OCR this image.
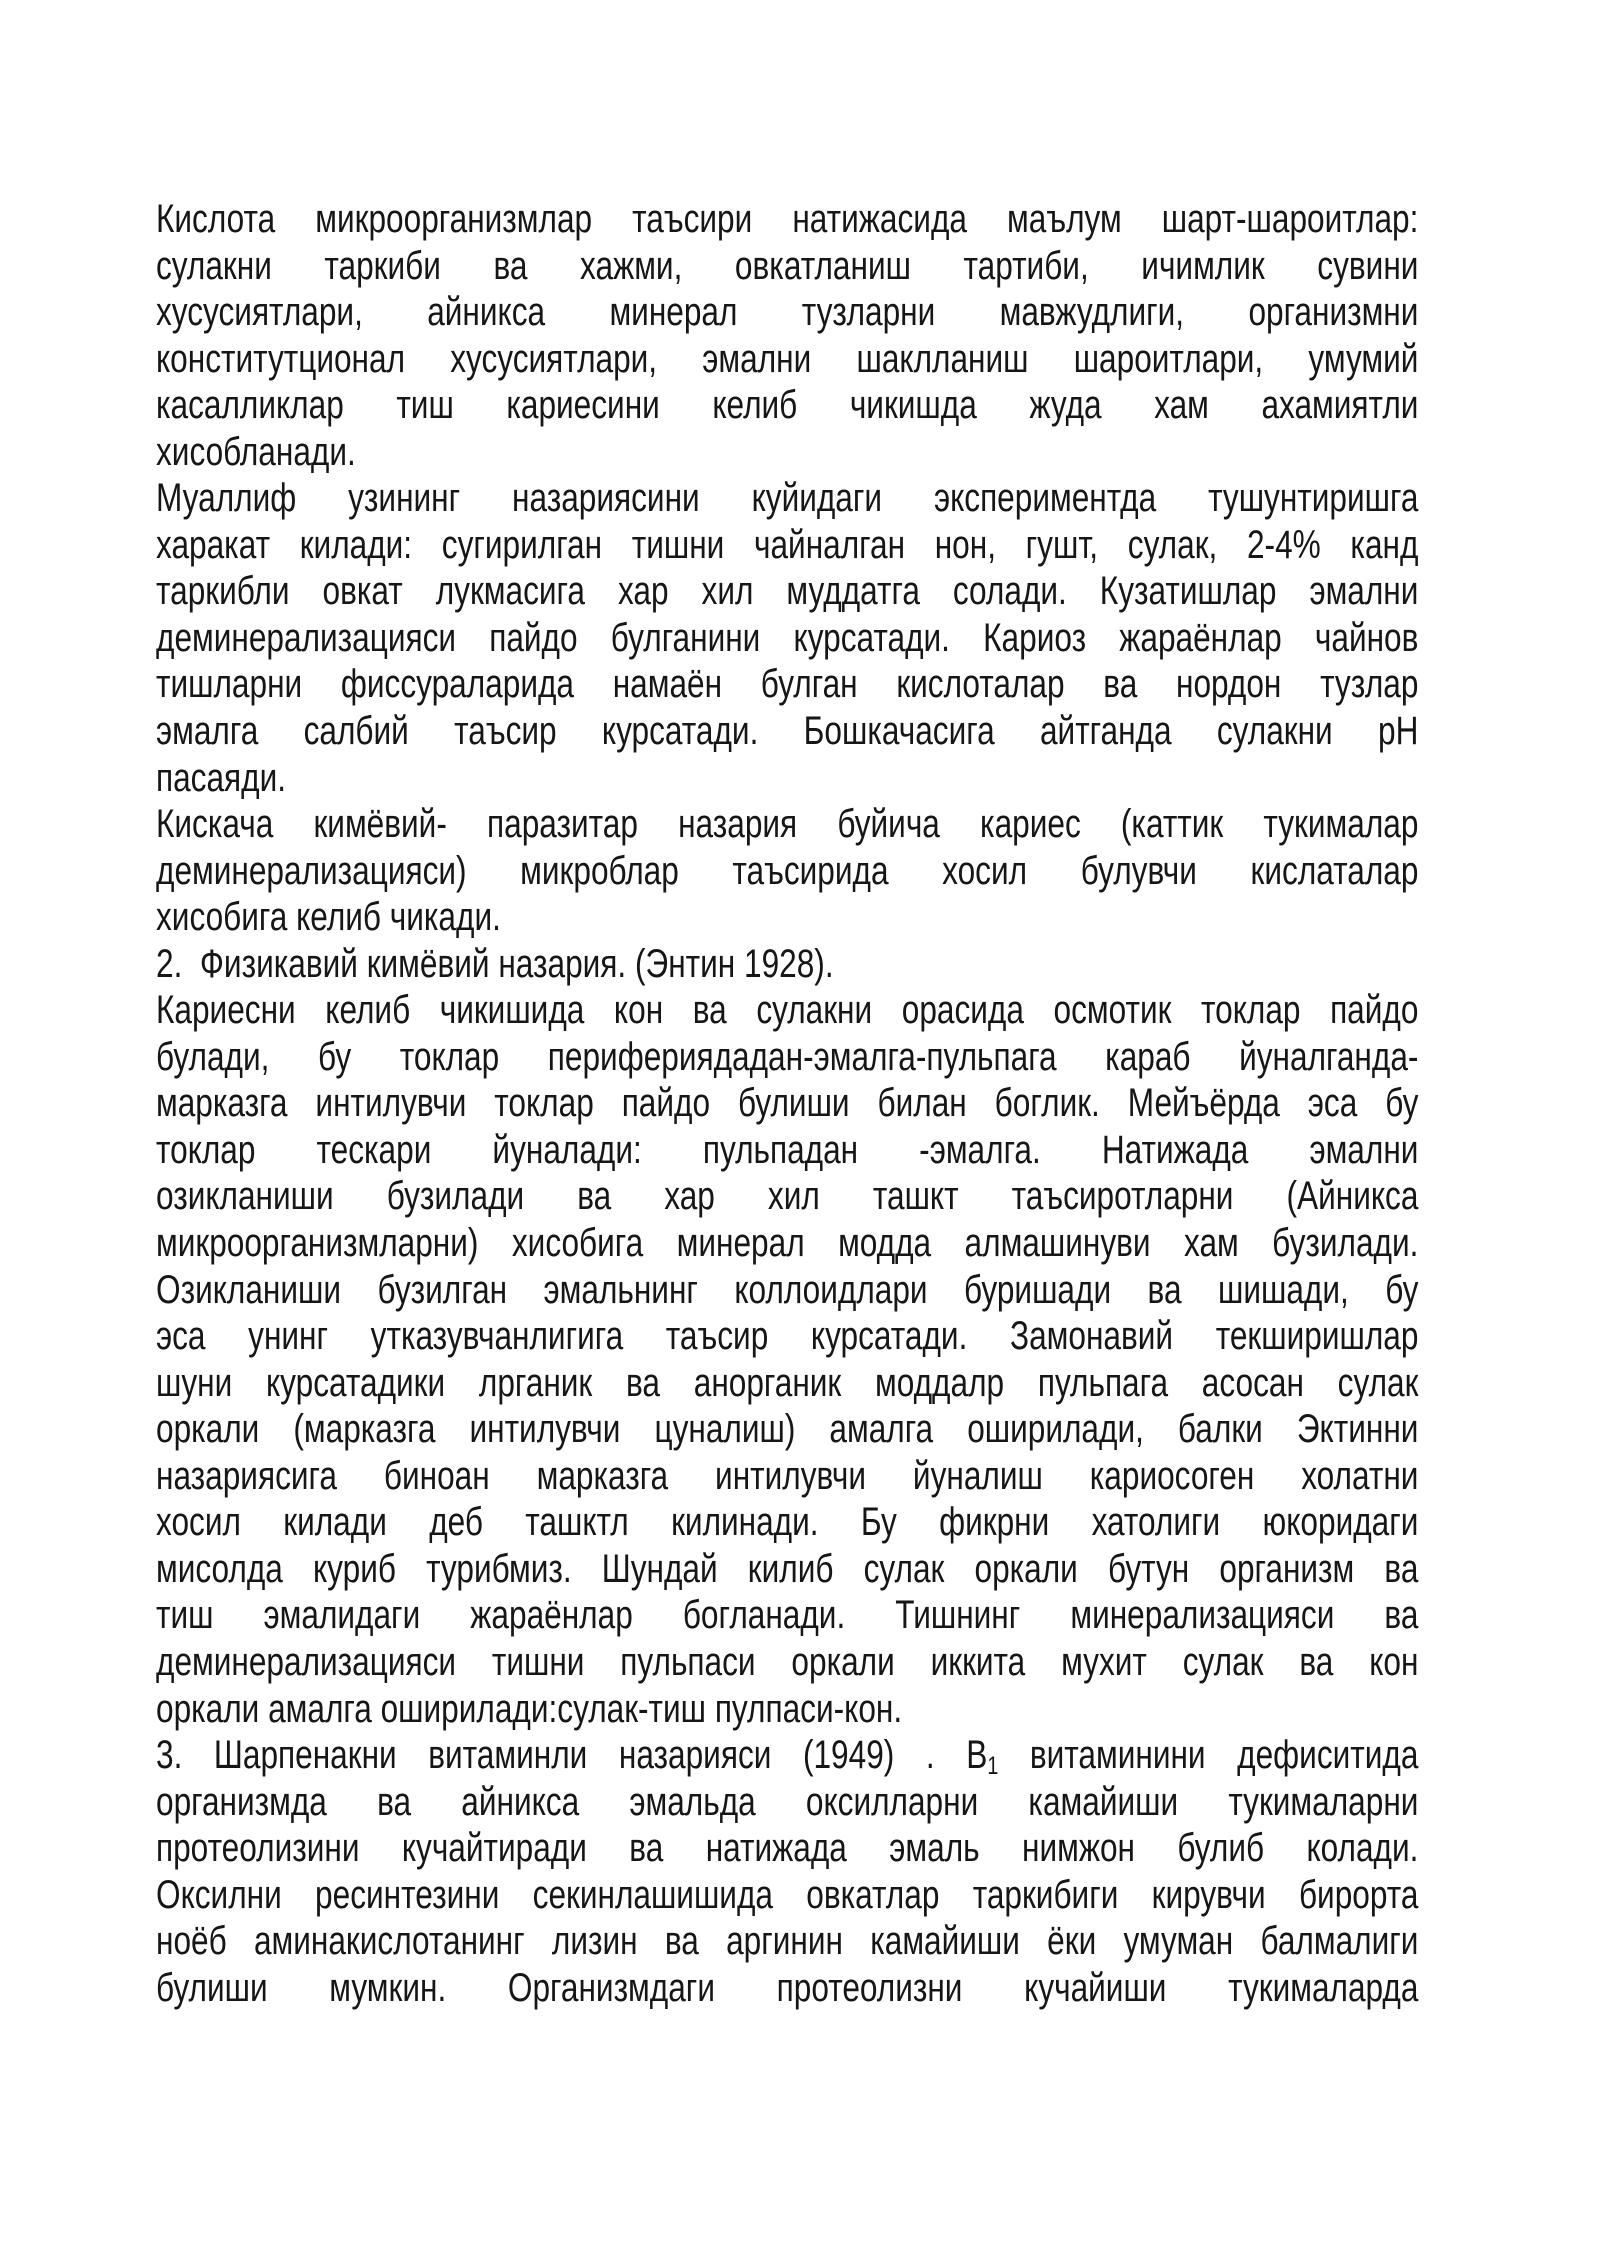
Кислота микроорганизмлар таъсири натижасида маълум шарт-шароитлар:
сулакни таркиби ва хажми, овкатланиш тартиби, ичимлик сувини
хусусиятлари, айникса минерал тузларни мавжудлиги, организмни
конститутционал хусусиятлари, эмални шаклланиш шароитлари, умумий
касалликлар тиш кариесини келиб чикишда жуда хам ахамиятли
хисобланади.
Муаллиф узининг назариясини куйидаги экспериментда тушунтиришга
харакат килади: сугирилган тишни чайналган нон, гушт, сулак, 2-4% канд
таркибли овкат лукмасига хар хил муддатга солади. Кузатишлар эмални
деминерализацияси пайдо булганини курсатади. Кариоз жараёнлар чайнов
тишларни фиссураларида намаён булган кислоталар ва нордон тузлар
эмалга салбий таъсир курсатади. Бошкачасига айтганда сулакни рН
пасаяди.
Кискача кимёвий- паразитар назария буйича кариес (каттик тукималар
деминерализацияси) микроблар таъсирида хосил булувчи кислаталар
хисобига келиб чикади.
2.  Физикавий кимёвий назария. (Энтин 1928).
Кариесни келиб чикишида кон ва сулакни орасида осмотик токлар пайдо
булади, бу токлар перифериядадан-эмалга-пульпага караб йуналганда-
марказга интилувчи токлар пайдо булиши билан боглик. Мейъёрда эса бу
токлар тескари йуналади: пульпадан -эмалга. Натижада эмални
озикланиши бузилади ва хар хил ташкт таъсиротларни (Айникса
микроорганизмларни) хисобига минерал модда алмашинуви хам бузилади.
Озикланиши бузилган эмальнинг коллоидлари буришади ва шишади, бу
эса унинг утказувчанлигига таъсир курсатади. Замонавий текширишлар
шуни курсатадики лрганик ва анорганик моддалр пульпага асосан сулак
оркали (марказга интилувчи цуналиш) амалга оширилади, балки Эктинни
назариясига биноан марказга интилувчи йуналиш кариосоген холатни
хосил килади деб ташктл килинади. Бу фикрни хатолиги юкоридаги
мисолда куриб турибмиз. Шундай килиб сулак оркали бутун организм ва
тиш эмалидаги жараёнлар богланади. Тишнинг минерализацияси ва
деминерализацияси тишни пульпаси оркали иккита мухит сулак ва кон
оркали амалга оширилади:сулак-тиш пулпаси-кон.
3. Шарпенакни витаминли назарияси (1949) . $В_1$ витаминини дефиситида
организмда ва айникса эмальда оксилларни камайиши тукималарни
протеолизини кучайтиради ва натижада эмаль нимжон булиб колади.
Оксилни ресинтезини секинлашишида овкатлар таркибиги кирувчи бирорта
ноёб аминакислотанинг лизин ва аргинин камайиши ёки умуман балмалиги
булиши мумкин. Организмдаги протеолизни кучайиши тукималарда
